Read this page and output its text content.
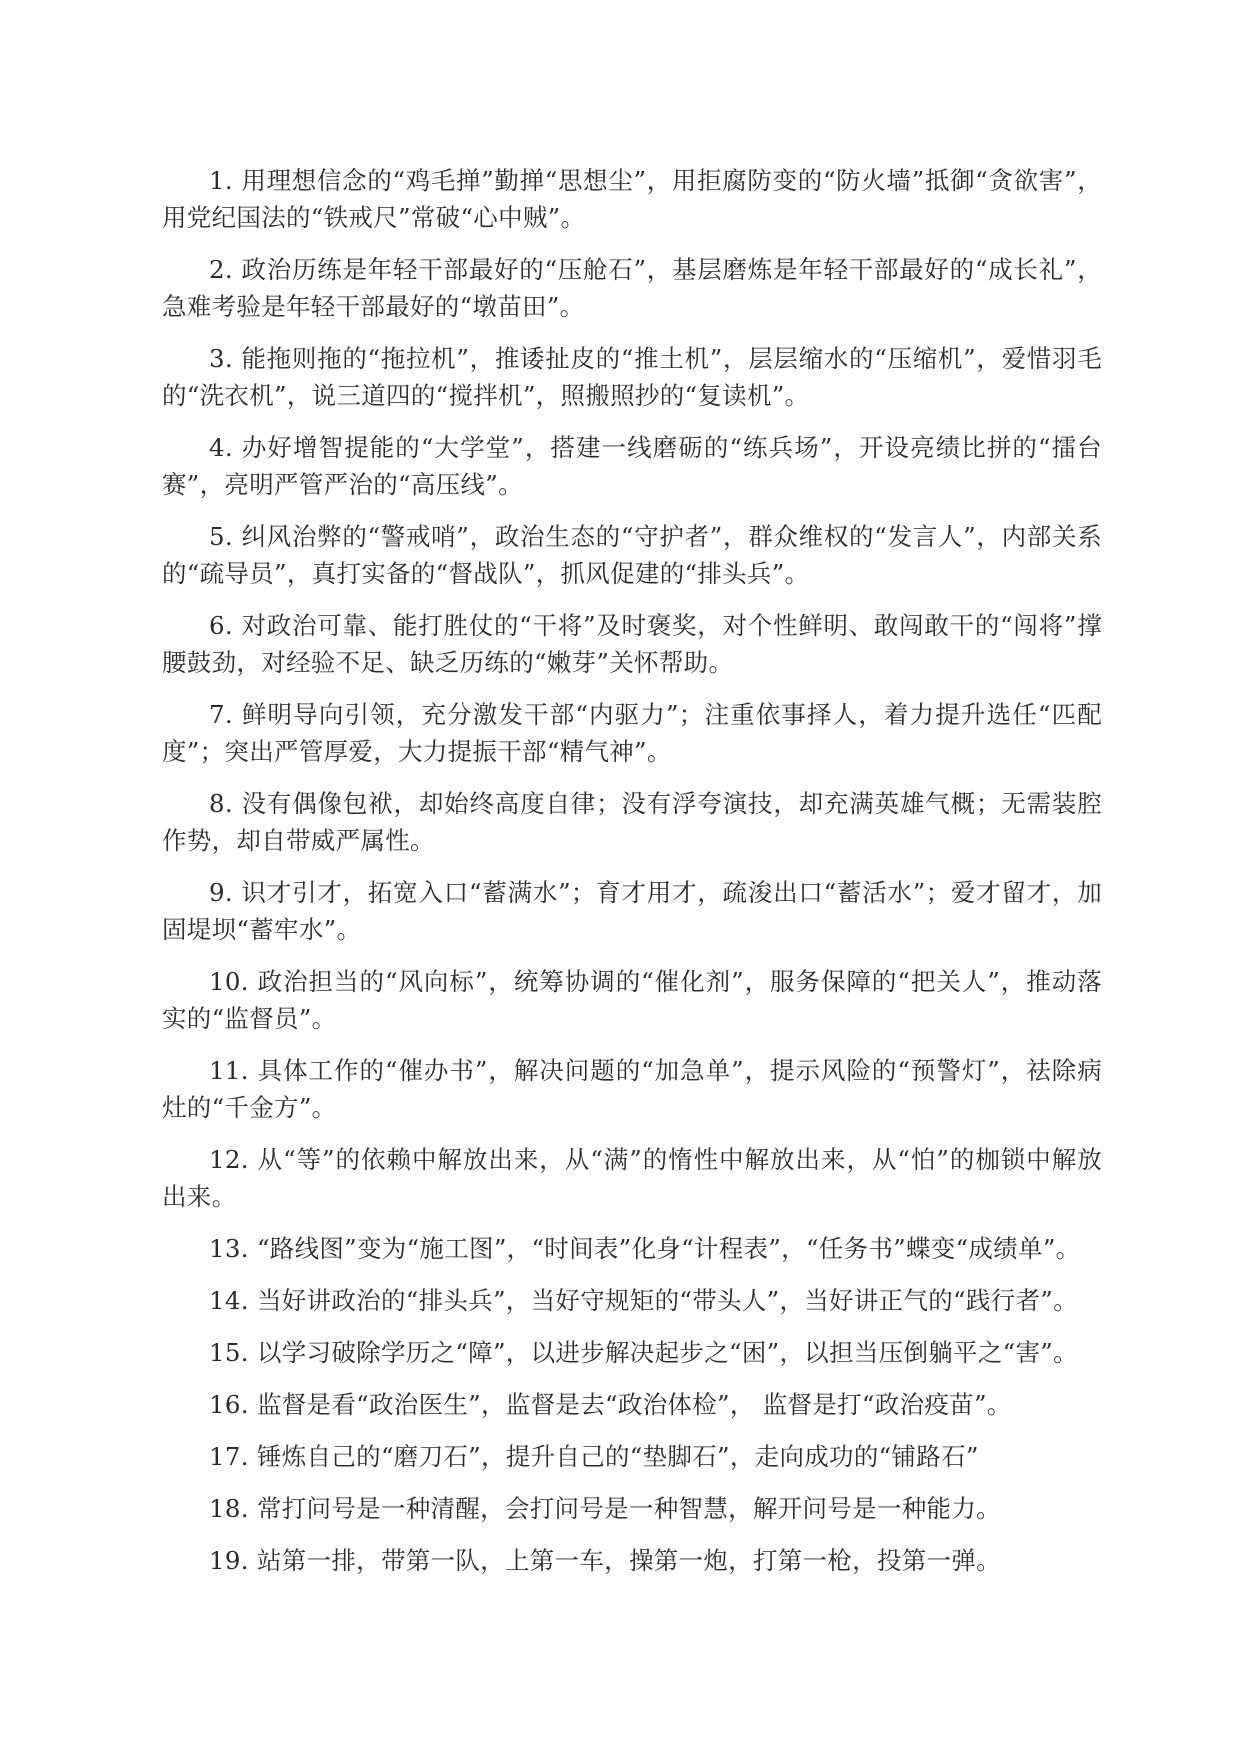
1. 用理想信念的“鸡毛掸”勤掸“思想尘”，用拒腐防变的“防火墙”抵御“贪欲害”，用党纪国法的“铁戒尺”常破“心中贼”。

2. 政治历练是年轻干部最好的“压舱石”，基层磨炼是年轻干部最好的“成长礼”，急难考验是年轻干部最好的“墩苗田”。

3. 能拖则拖的“拖拉机”，推诿扯皮的“推土机”，层层缩水的“压缩机”，爱惜羽毛的“洗衣机”，说三道四的“搅拌机”，照搬照抄的“复读机”。

4. 办好增智提能的“大学堂”，搭建一线磨砺的“练兵场”，开设亮绩比拼的“擂台赛”，亮明严管严治的“高压线”。

5. 纠风治弊的“警戒哨”，政治生态的“守护者”，群众维权的“发言人”，内部关系的“疏导员”，真打实备的“督战队”，抓风促建的“排头兵”。

6. 对政治可靠、能打胜仗的“干将”及时褒奖，对个性鲜明、敢闯敢干的“闯将”撑腰鼓劲，对经验不足、缺乏历练的“嫩芽”关怀帮助。

7. 鲜明导向引领，充分激发干部“内驱力”；注重依事择人，着力提升选任“匹配度”；突出严管厚爱，大力提振干部“精气神”。

8. 没有偶像包袱，却始终高度自律；没有浮夸演技，却充满英雄气概；无需装腔作势，却自带威严属性。

9. 识才引才，拓宽入口“蓄满水”；育才用才，疏浚出口“蓄活水”；爱才留才，加固堤坝“蓄牢水”。

10. 政治担当的“风向标”，统筹协调的“催化剂”，服务保障的“把关人”，推动落实的“监督员”。

11. 具体工作的“催办书”，解决问题的“加急单”，提示风险的“预警灯”，祛除病灶的“千金方”。

12. 从“等”的依赖中解放出来，从“满”的惰性中解放出来，从“怕”的枷锁中解放出来。

13. “路线图”变为“施工图”，“时间表”化身“计程表”，“任务书”蝶变“成绩单”。

14. 当好讲政治的“排头兵”，当好守规矩的“带头人”，当好讲正气的“践行者”。

15. 以学习破除学历之“障”，以进步解决起步之“困”，以担当压倒躺平之“害”。

16. 监督是看“政治医生”，监督是去“政治体检”， 监督是打“政治疫苗”。

17. 锤炼自己的“磨刀石”，提升自己的“垫脚石”，走向成功的“铺路石”

18. 常打问号是一种清醒，会打问号是一种智慧，解开问号是一种能力。

19. 站第一排，带第一队，上第一车，操第一炮，打第一枪，投第一弹。
